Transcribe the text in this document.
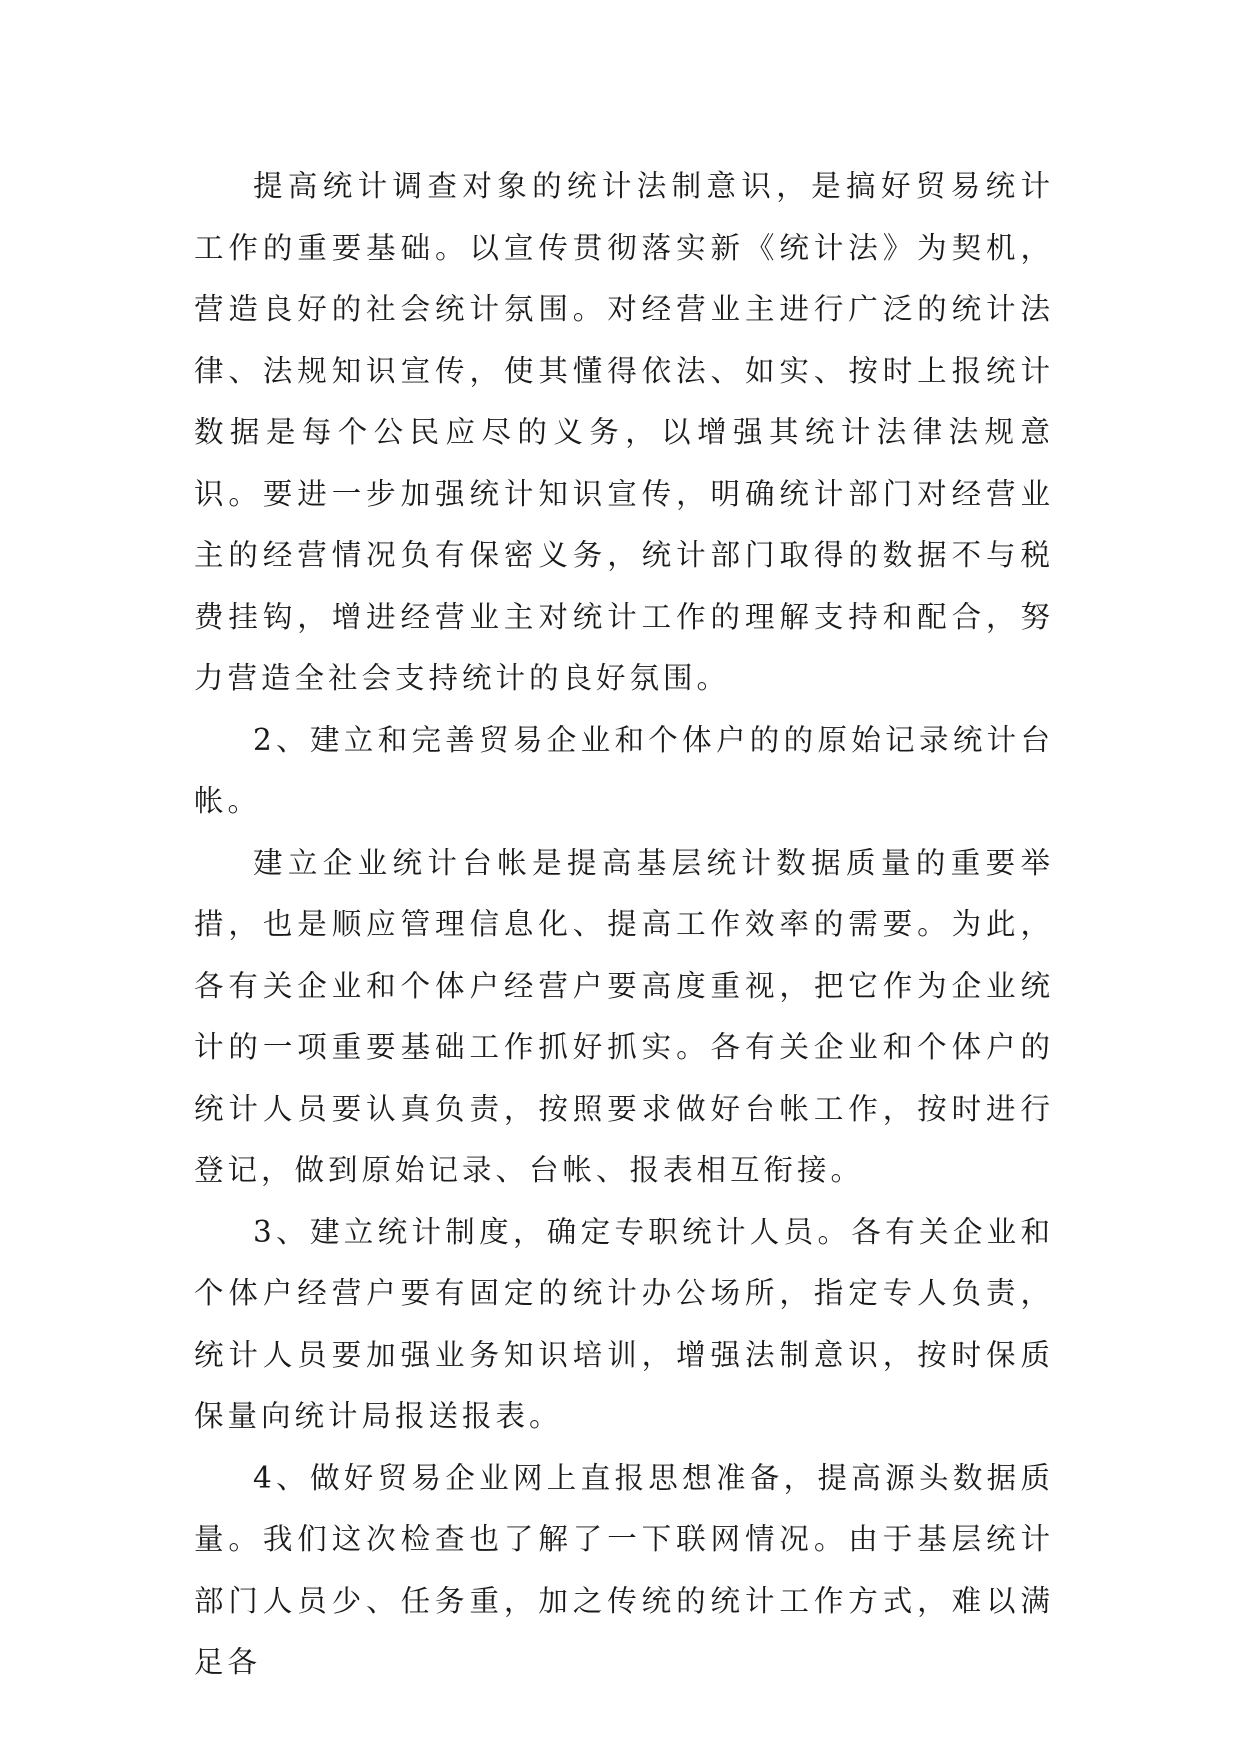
提高统计调查对象的统计法制意识，是搞好贸易统计工作的重要基础。以宣传贯彻落实新《统计法》为契机，营造良好的社会统计氛围。对经营业主进行广泛的统计法律、法规知识宣传，使其懂得依法、如实、按时上报统计数据是每个公民应尽的义务，以增强其统计法律法规意识。要进一步加强统计知识宣传，明确统计部门对经营业主的经营情况负有保密义务，统计部门取得的数据不与税费挂钩，增进经营业主对统计工作的理解支持和配合，努力营造全社会支持统计的良好氛围。

2、建立和完善贸易企业和个体户的的原始记录统计台帐。

建立企业统计台帐是提高基层统计数据质量的重要举措，也是顺应管理信息化、提高工作效率的需要。为此，各有关企业和个体户经营户要高度重视，把它作为企业统计的一项重要基础工作抓好抓实。各有关企业和个体户的统计人员要认真负责，按照要求做好台帐工作，按时进行登记，做到原始记录、台帐、报表相互衔接。

3、建立统计制度，确定专职统计人员。各有关企业和个体户经营户要有固定的统计办公场所，指定专人负责，统计人员要加强业务知识培训，增强法制意识，按时保质保量向统计局报送报表。

4、做好贸易企业网上直报思想准备，提高源头数据质量。我们这次检查也了解了一下联网情况。由于基层统计部门人员少、任务重，加之传统的统计工作方式，难以满足各
